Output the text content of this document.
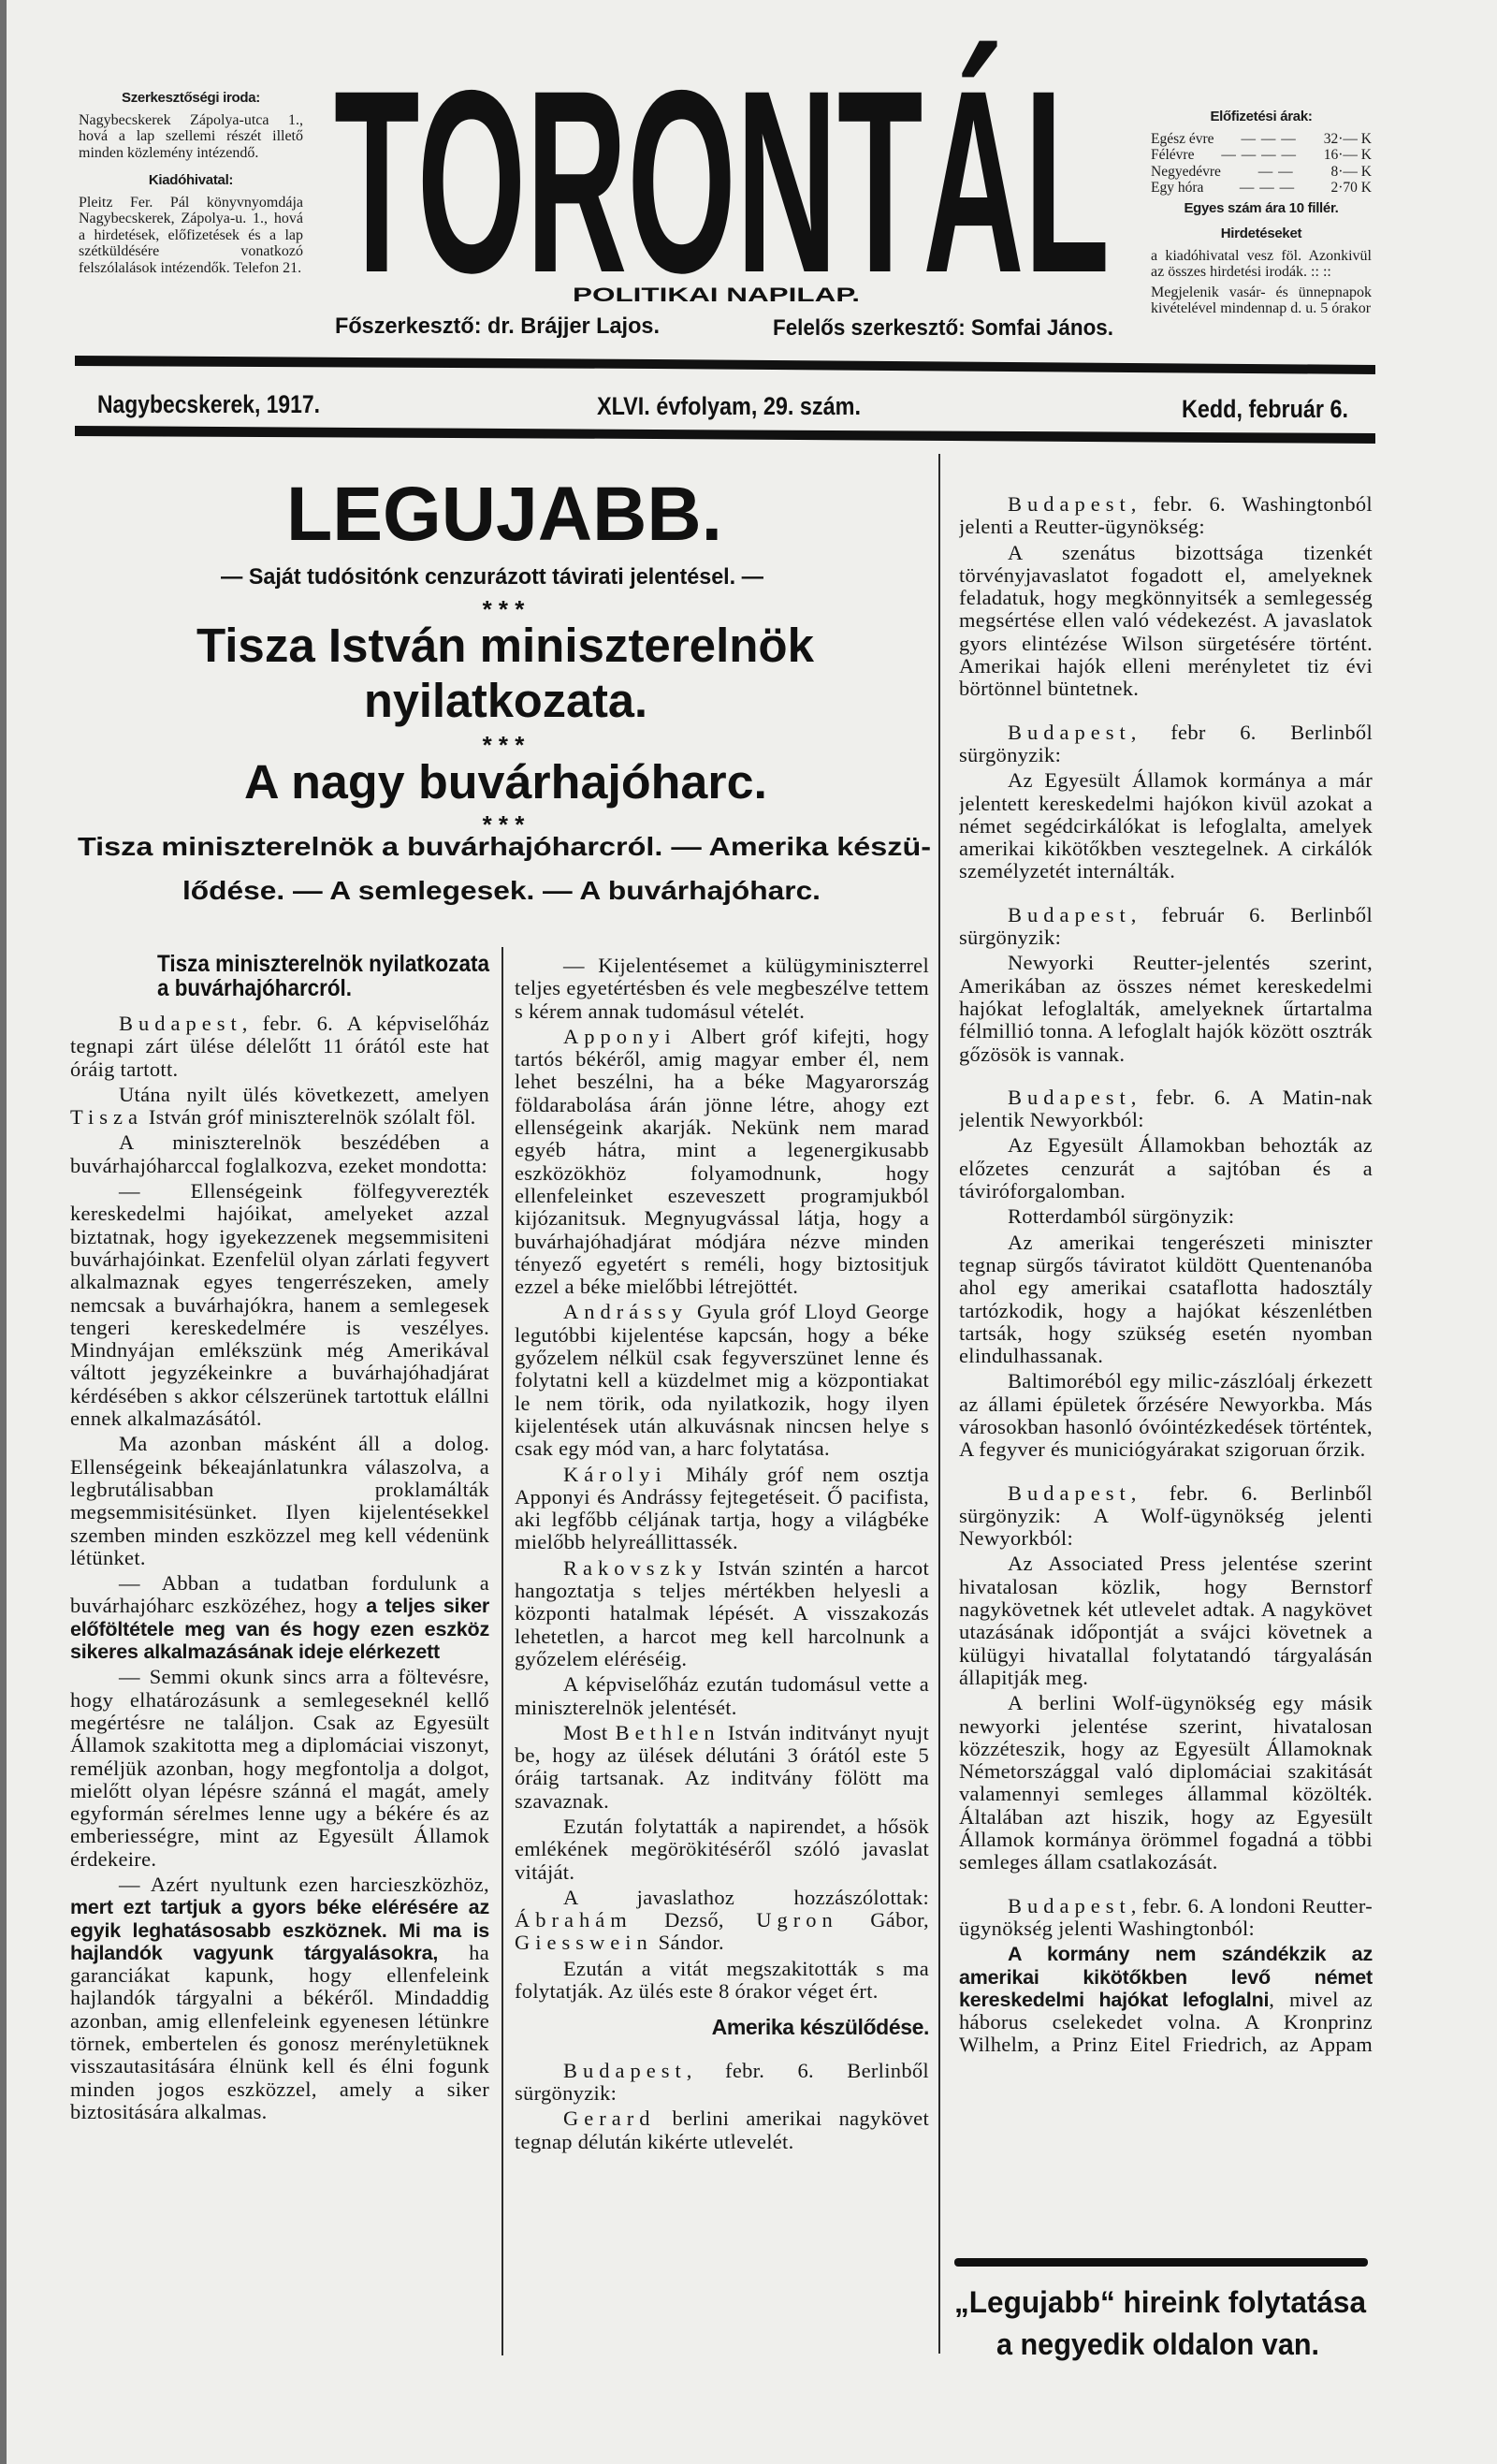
Szerkesztőségi iroda:

Nagybecskerek Zápolya-utca 1., hová a lap szellemi részét illető minden közlemény intézendő.

Kiadóhivatal:

Pleitz Fer. Pál könyvnyomdája Nagybecskerek, Zápolya-u. 1., hová a hirdetések, előfizetések és a lap szétküldésére vonatkozó felszólalások intézendők. Telefon 21.

Előfizetési árak:
Egész évre	— — —	32·— K
Félévre	— — — —	16·— K
Negyedévre	— —	8·— K
Egy hóra	— — —	2·70 K
Egyes szám ára 10 fillér.
Hirdetéseket

a kiadóhivatal vesz föl. Azonkivül az összes hirdetési irodák. :: ::

Megjelenik vasár- és ünnepnapok kivételével mindennap d. u. 5 órakor

Budapest, febr. 6. A képviselőház tegnapi zárt ülése délelőtt 11 órától este hat óráig tartott.

Utána nyilt ülés következett, amelyen Tisza István gróf miniszterelnök szólalt föl.

A miniszterelnök beszédében a buvárhajóharccal foglalkozva, ezeket mondotta:

— Ellenségeink fölfegyverezték kereskedelmi hajóikat, amelyeket azzal biztatnak, hogy igyekezzenek megsemmisiteni buvárhajóinkat. Ezenfelül olyan zárlati fegyvert alkalmaznak egyes tengerrészeken, amely nemcsak a buvárhajókra, hanem a semlegesek tengeri kereskedelmére is veszélyes. Mindnyájan emlékszünk még Amerikával váltott jegyzékeinkre a buvárhajóhadjárat kérdésében s akkor célszerünek tartottuk elállni ennek alkalmazásától.

Ma azonban másként áll a dolog. Ellenségeink békeajánlatunkra válaszolva, a legbrutálisabban proklamálták megsemmisitésünket. Ilyen kijelentésekkel szemben minden eszközzel meg kell védenünk létünket.

— Abban a tudatban fordulunk a buvárhajóharc eszközéhez, hogy a teljes siker előföltétele meg van és hogy ezen eszköz sikeres alkalmazásának ideje elérkezett

— Semmi okunk sincs arra a föltevésre, hogy elhatározásunk a semlegeseknél kellő megértésre ne találjon. Csak az Egyesült Államok szakitotta meg a diplomáciai viszonyt, reméljük azonban, hogy megfontolja a dolgot, mielőtt olyan lépésre szánná el magát, amely egyformán sérelmes lenne ugy a békére és az emberiességre, mint az Egyesült Államok érdekeire.

— Azért nyultunk ezen harcieszközhöz, mert ezt tartjuk a gyors béke elérésére az egyik leghatásosabb eszköznek. Mi ma is hajlandók vagyunk tárgyalásokra, ha garanciákat kapunk, hogy ellenfeleink hajlandók tárgyalni a békéről. Mindaddig azonban, amig ellenfeleink egyenesen létünkre törnek, embertelen és gonosz merényletüknek visszautasitására élnünk kell és élni fogunk minden jogos eszközzel, amely a siker biztositására alkalmas.

— Kijelentésemet a külügyminiszterrel teljes egyetértésben és vele megbeszélve tettem s kérem annak tudomásul vételét.

Apponyi Albert gróf kifejti, hogy tartós békéről, amig magyar ember él, nem lehet beszélni, ha a béke Magyarország földarabolása árán jönne létre, ahogy ezt ellenségeink akarják. Nekünk nem marad egyéb hátra, mint a legenergikusabb eszközökhöz folyamodnunk, hogy ellenfeleinket eszeveszett programjukból kijózanitsuk. Megnyugvással látja, hogy a buvárhajóhadjárat módjára nézve minden tényező egyetért s reméli, hogy biztositjuk ezzel a béke mielőbbi létrejöttét.

Andrássy Gyula gróf Lloyd George legutóbbi kijelentése kapcsán, hogy a béke győzelem nélkül csak fegyverszünet lenne és folytatni kell a küzdelmet mig a központiakat le nem törik, oda nyilatkozik, hogy ilyen kijelentések után alkuvásnak nincsen helye s csak egy mód van, a harc folytatása.

Károlyi Mihály gróf nem osztja Apponyi és Andrássy fejtegetéseit. Ő pacifista, aki legfőbb céljának tartja, hogy a világbéke mielőbb helyreállittassék.

Rakovszky István szintén a harcot hangoztatja s teljes mértékben helyesli a központi hatalmak lépését. A visszakozás lehetetlen, a harcot meg kell harcolnunk a győzelem eléréséig.

A képviselőház ezután tudomásul vette a miniszterelnök jelentését.

Most Bethlen István inditványt nyujt be, hogy az ülések délutáni 3 órától este 5 óráig tartsanak. Az inditvány fölött ma szavaznak.

Ezután folytatták a napirendet, a hősök emlékének megörökitéséről szóló javaslat vitáját.

A javaslathoz hozzászólottak: Ábrahám Dezső, Ugron Gábor, Giesswein Sándor.

Ezután a vitát megszakitották s ma folytatják. Az ülés este 8 órakor véget ért.

Amerika készülődése.

Budapest, febr. 6. Berlinből sürgönyzik:

Gerard berlini amerikai nagykövet tegnap délután kikérte utlevelét.

Budapest, febr. 6. Washingtonból jelenti a Reutter-ügynökség:

A szenátus bizottsága tizenkét törvényjavaslatot fogadott el, amelyeknek feladatuk, hogy megkönnyitsék a semlegesség megsértése ellen való védekezést. A javaslatok gyors elintézése Wilson sürgetésére történt. Amerikai hajók elleni merényletet tiz évi börtönnel büntetnek.

Budapest, febr 6. Berlinből sürgönyzik:

Az Egyesült Államok kormánya a már jelentett kereskedelmi hajókon kivül azokat a német segédcirkálókat is lefoglalta, amelyek amerikai kikötőkben vesztegelnek. A cirkálók személyzetét internálták.

Budapest, február 6. Berlinből sürgönyzik:

Newyorki Reutter-jelentés szerint, Amerikában az összes német kereskedelmi hajókat lefoglalták, amelyeknek űrtartalma félmillió tonna. A lefoglalt hajók között osztrák gőzösök is vannak.

Budapest, febr. 6. A Matin-nak jelentik Newyorkból:

Az Egyesült Államokban behozták az előzetes cenzurát a sajtóban és a táviróforgalomban.

Rotterdamból sürgönyzik:

Az amerikai tengerészeti miniszter tegnap sürgős táviratot küldött Quentenanóba ahol egy amerikai csataflotta hadosztály tartózkodik, hogy a hajókat készenlétben tartsák, hogy szükség esetén nyomban elindulhassanak.

Baltimoréból egy milic-zászlóalj érkezett az állami épületek őrzésére Newyorkba. Más városokban hasonló óvóintézkedések történtek, A fegyver és municiógyárakat szigoruan őrzik.

Budapest, febr. 6. Berlinből sürgönyzik: A Wolf-ügynökség jelenti Newyorkból:

Az Associated Press jelentése szerint hivatalosan közlik, hogy Bernstorf nagykövetnek két utlevelet adtak. A nagykövet utazásának időpontját a svájci követnek a külügyi hivatallal folytatandó tárgyalásán állapitják meg.

A berlini Wolf-ügynökség egy másik newyorki jelentése szerint, hivatalosan közzéteszik, hogy az Egyesült Államoknak Németországgal való diplomáciai szakitását valamennyi semleges állammal közölték. Általában azt hiszik, hogy az Egyesült Államok kormánya örömmel fogadná a többi semleges állam csatlakozását.

Budapest, febr. 6. A londoni Reutter-ügynökség jelenti Washingtonból:

A kormány nem szándékzik az amerikai kikötőkben levő német kereskedelmi hajókat lefoglalni, mivel az háborus cselekedet volna. A Kronprinz Wilhelm, a Prinz Eitel Friedrich, az Appam

TORONTÁL
POLITIKAI NAPILAP.
Főszerkesztő: dr. Brájjer Lajos.	Felelős szerkesztő: Somfai János.
Nagybecskerek, 1917.	XLVI. évfolyam, 29. szám.	Kedd, február 6.
LEGUJABB.
— Saját tudósitónk cenzurázott távirati jelentésel. —
* * *
Tisza István miniszterelnök
nyilatkozata.
* * *
A nagy buvárhajóharc.
* * *
Tisza miniszterelnök a buvárhajóharcról. — Amerika készü-
lődése. — A semlegesek. — A buvárhajóharc.
Tisza miniszterelnök nyilatkozata
a buvárhajóharcról.
„Legujabb“ hireink folytatása
a negyedik oldalon van.
